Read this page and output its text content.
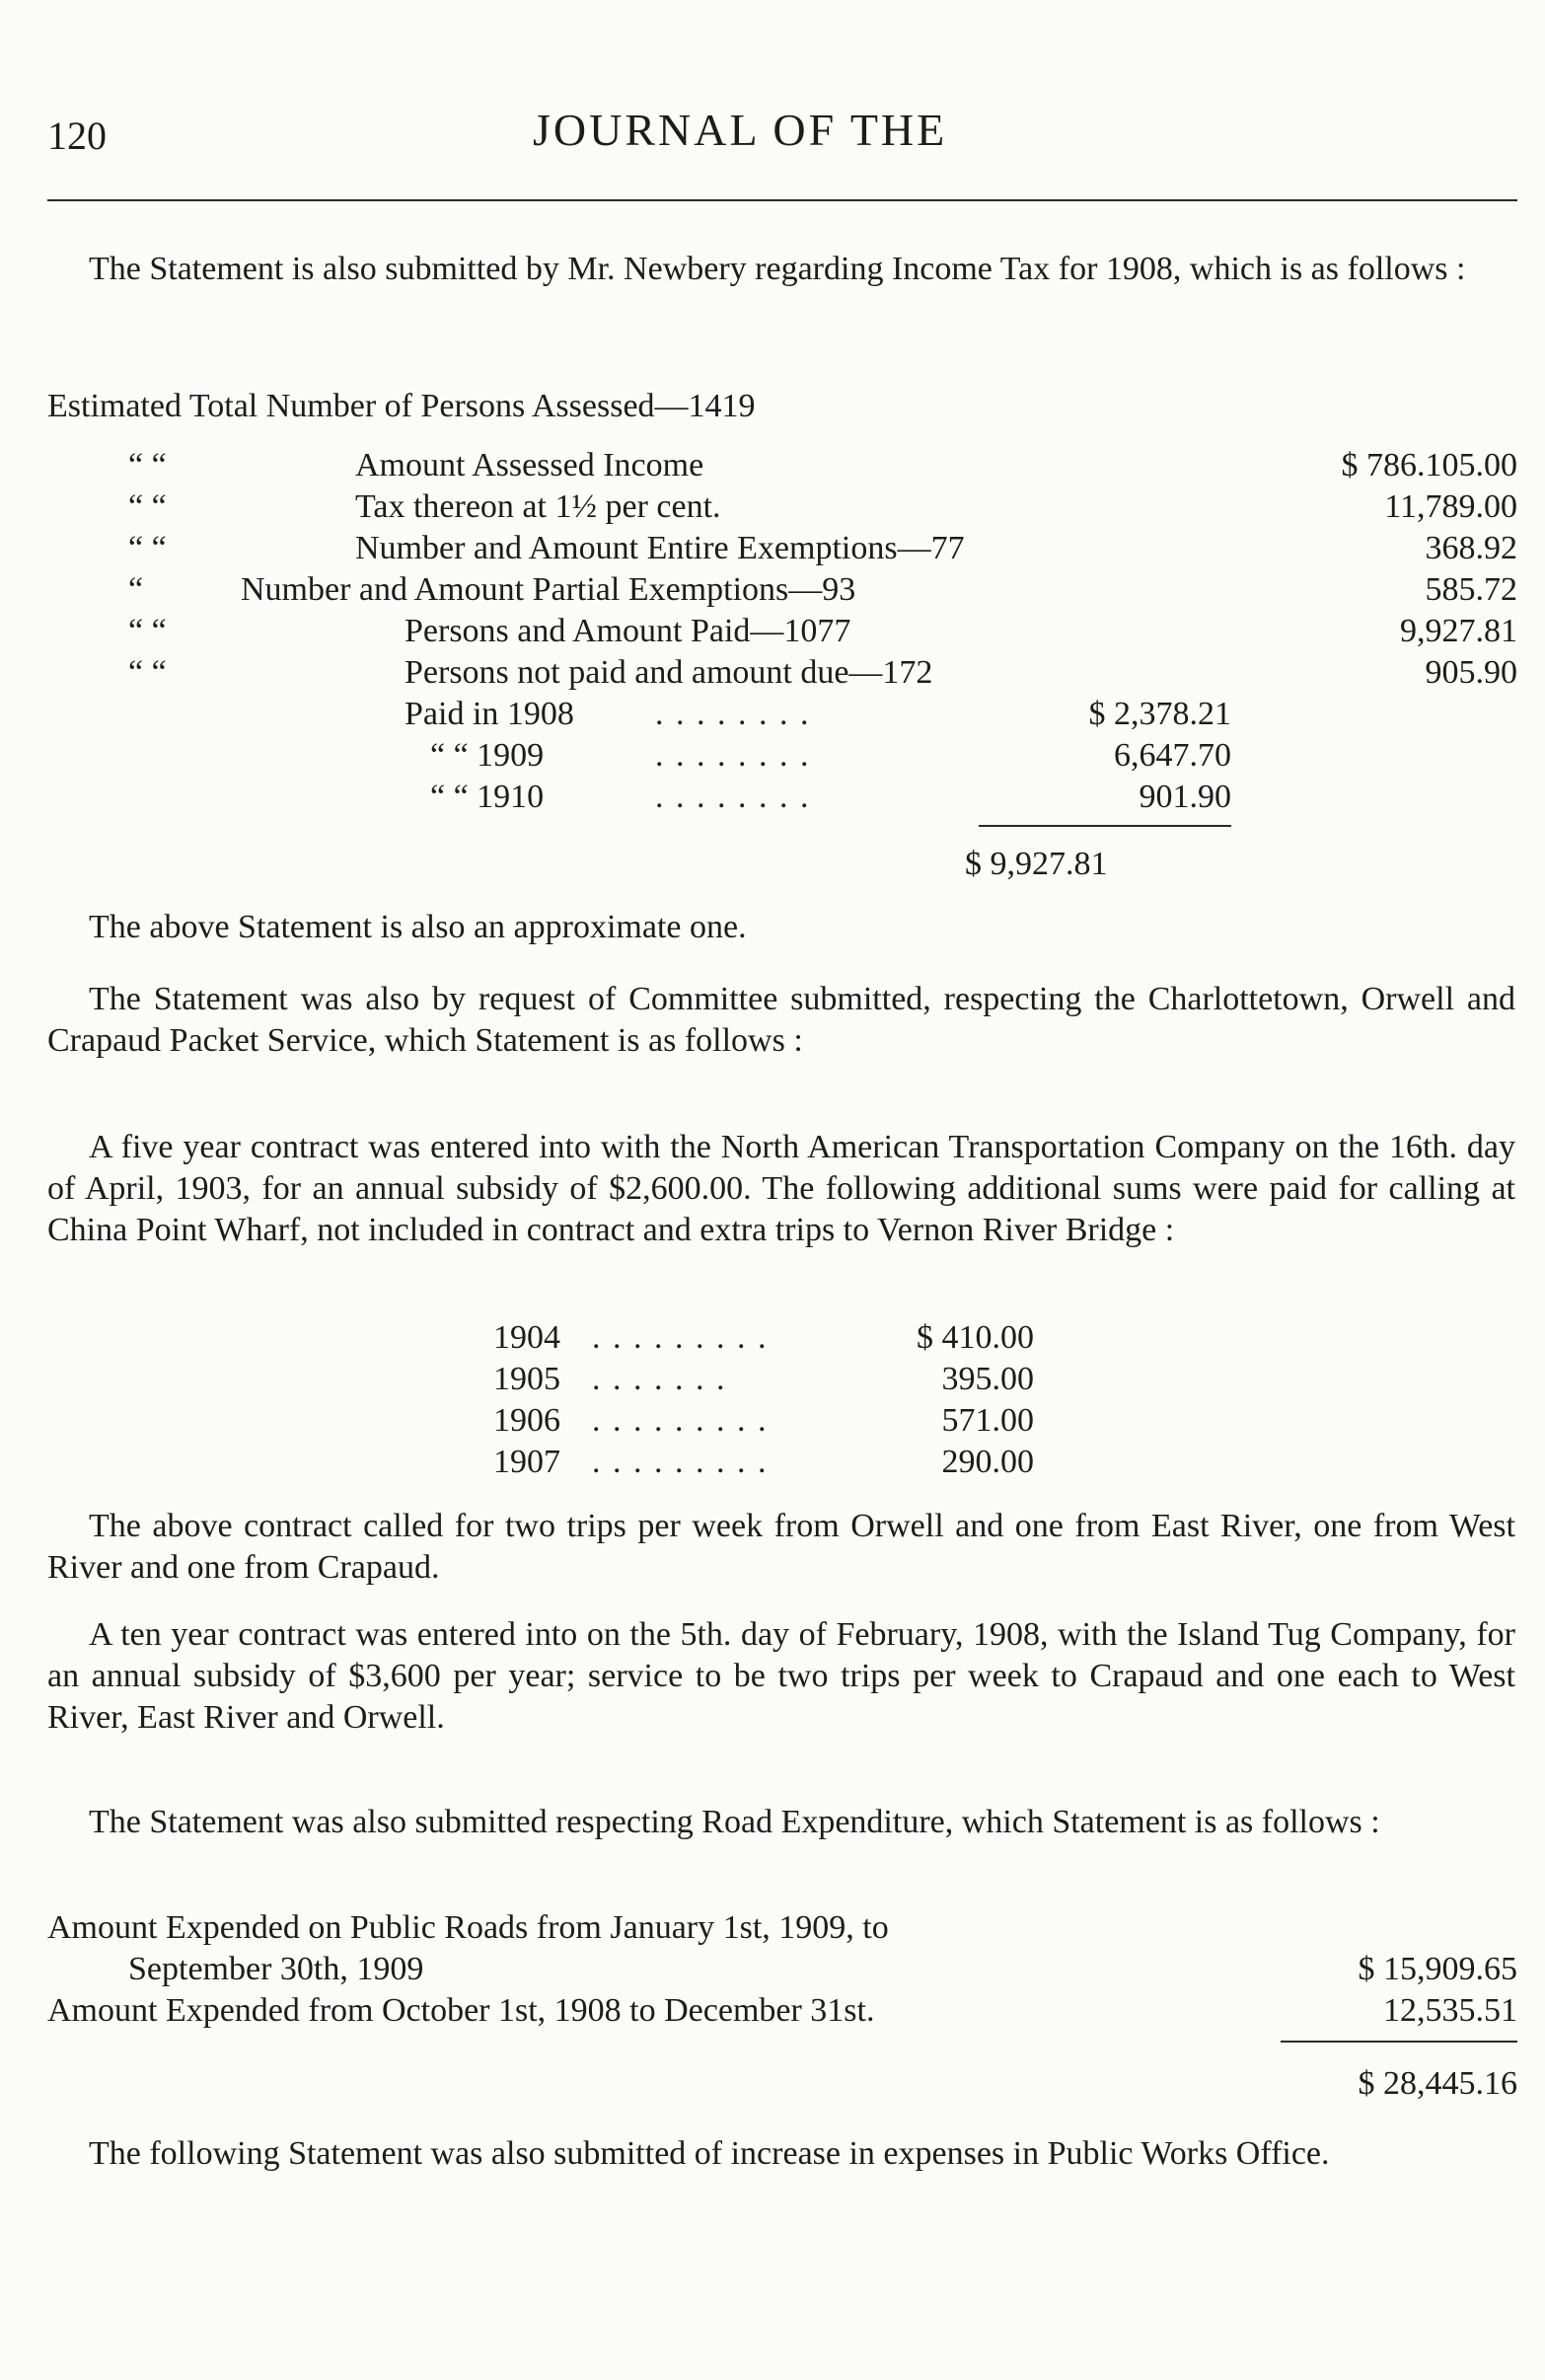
120	JOURNAL OF THE
The Statement is also submitted by Mr. Newbery regarding Income Tax for 1908, which is as follows :
Estimated Total Number of Persons Assessed—1419
“ “	Amount Assessed Income	$ 786.105.00
“ “	Tax thereon at 1½ per cent.	11,789.00
“ “	Number and Amount Entire Exemptions—77	368.92
“	Number and Amount Partial Exemptions—93	585.72
“ “	Persons and Amount Paid—1077	9,927.81
“ “	Persons not paid and amount due—172	905.90
Paid in 1908 . . . . . . . .	$ 2,378.21
“ “ 1909	. . . . . . . .	6,647.70
“ “ 1910	. . . . . . . .	901.90
$ 9,927.81
The above Statement is also an approximate one.
The Statement was also by request of Committee submitted, respecting the Charlottetown, Orwell and Crapaud Packet Service, which Statement is as follows :
A five year contract was entered into with the North American Transportation Company on the 16th. day of April, 1903, for an annual subsidy of $2,600.00. The following additional sums were paid for calling at China Point Wharf, not included in contract and extra trips to Vernon River Bridge :
1904 . . . . . . . . .	$ 410.00
1905 . . . . . . .	395.00
1906 . . . . . . . . .	571.00
1907 . . . . . . . . .	290.00
The above contract called for two trips per week from Orwell and one from East River, one from West River and one from Crapaud.
A ten year contract was entered into on the 5th. day of February, 1908, with the Island Tug Company, for an annual subsidy of $3,600 per year; service to be two trips per week to Crapaud and one each to West River, East River and Orwell.
The Statement was also submitted respecting Road Expenditure, which Statement is as follows :
Amount Expended on Public Roads from January 1st, 1909, to
September 30th, 1909	$ 15,909.65
Amount Expended from October 1st, 1908 to December 31st.	12,535.51
$ 28,445.16
The following Statement was also submitted of increase in expenses in Public Works Office.
